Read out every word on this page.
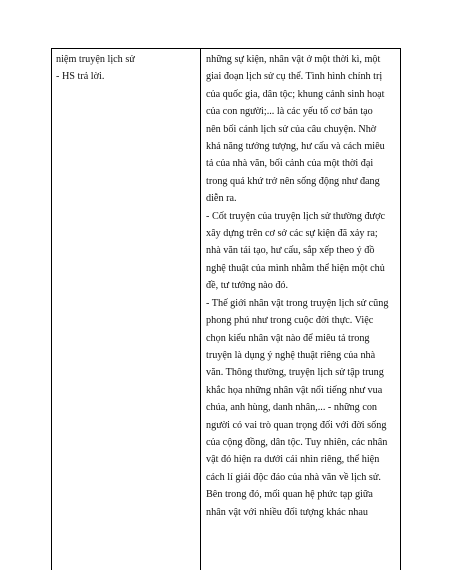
niệm truyện lịch sử
- HS trả lời.

những sự kiện, nhân vật ở một thời kì, một
giai đoạn lịch sử cụ thể. Tình hình chính trị
của quốc gia, dân tộc; khung cảnh sinh hoạt
của con người;... là các yếu tố cơ bản tạo
nên bối cảnh lịch sử của câu chuyện. Nhờ
khả năng tưởng tượng, hư cấu và cách miêu
tả của nhà văn, bối cảnh của một thời đại
trong quá khứ trở nên sống động như đang
diễn ra.

- Cốt truyện của truyện lịch sử thường được
xây dựng trên cơ sở các sự kiện đã xảy ra;
nhà văn tái tạo, hư cấu, sắp xếp theo ý đồ
nghệ thuật của mình nhằm thể hiện một chủ
đề, tư tưởng nào đó.

- Thế giới nhân vật trong truyện lịch sử cũng
phong phú như trong cuộc đời thực. Việc
chọn kiểu nhân vật nào để miêu tả trong
truyện là dụng ý nghệ thuật riêng của nhà
văn. Thông thường, truyện lịch sử tập trung
khắc họa những nhân vật nổi tiếng như vua
chúa, anh hùng, danh nhân,... - những con
người có vai trò quan trọng đối với đời sống
của cộng đồng, dân tộc. Tuy nhiên, các nhân
vật đó hiện ra dưới cái nhìn riêng, thể hiện
cách lí giải độc đáo của nhà văn về lịch sử.
Bên trong đó, mối quan hệ phức tạp giữa
nhân vật với nhiều đối tượng khác nhau
